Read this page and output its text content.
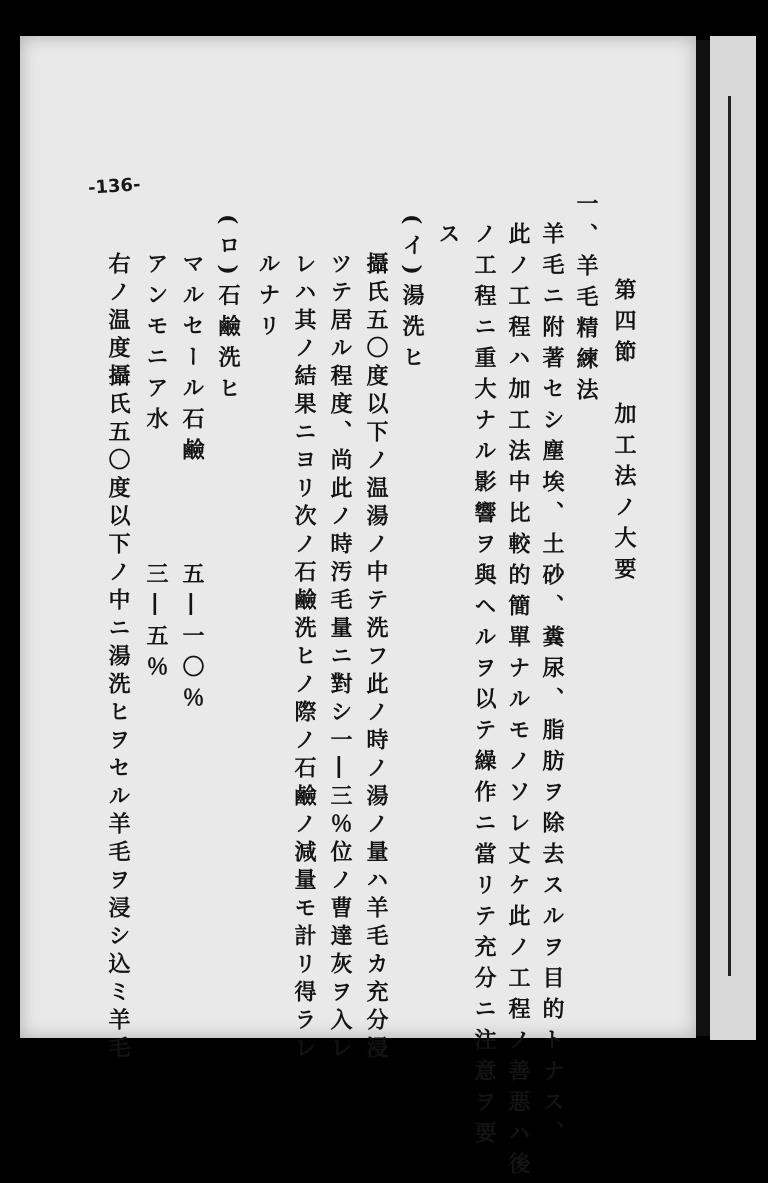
-136-
第四節　加工法ノ大要
一、羊毛精練法
羊毛ニ附著セシ塵埃、土砂、糞尿、脂肪ヲ除去スルヲ目的トナス、
此ノ工程ハ加工法中比較的簡單ナルモノソレ丈ケ此ノ工程ノ善悪ハ後
ノ工程ニ重大ナル影響ヲ與ヘルヲ以テ繰作ニ當リテ充分ニ注意ヲ要
ス
(イ)湯洗ヒ
攝氏五〇度以下ノ温湯ノ中テ洗フ此ノ時ノ湯ノ量ハ羊毛カ充分浸
ツテ居ル程度、尚此ノ時汚毛量ニ對シ一―三％位ノ曹達灰ヲ入レ
レハ其ノ結果ニヨリ次ノ石鹼洗ヒノ際ノ石鹼ノ減量モ計リ得ラレ
ルナリ
(ロ)石鹼洗ヒ
マルセール石鹼　　　五―一〇％
アンモニア水　　　　三―五％
右ノ温度攝氏五〇度以下ノ中ニ湯洗ヒヲセル羊毛ヲ浸シ込ミ羊毛
